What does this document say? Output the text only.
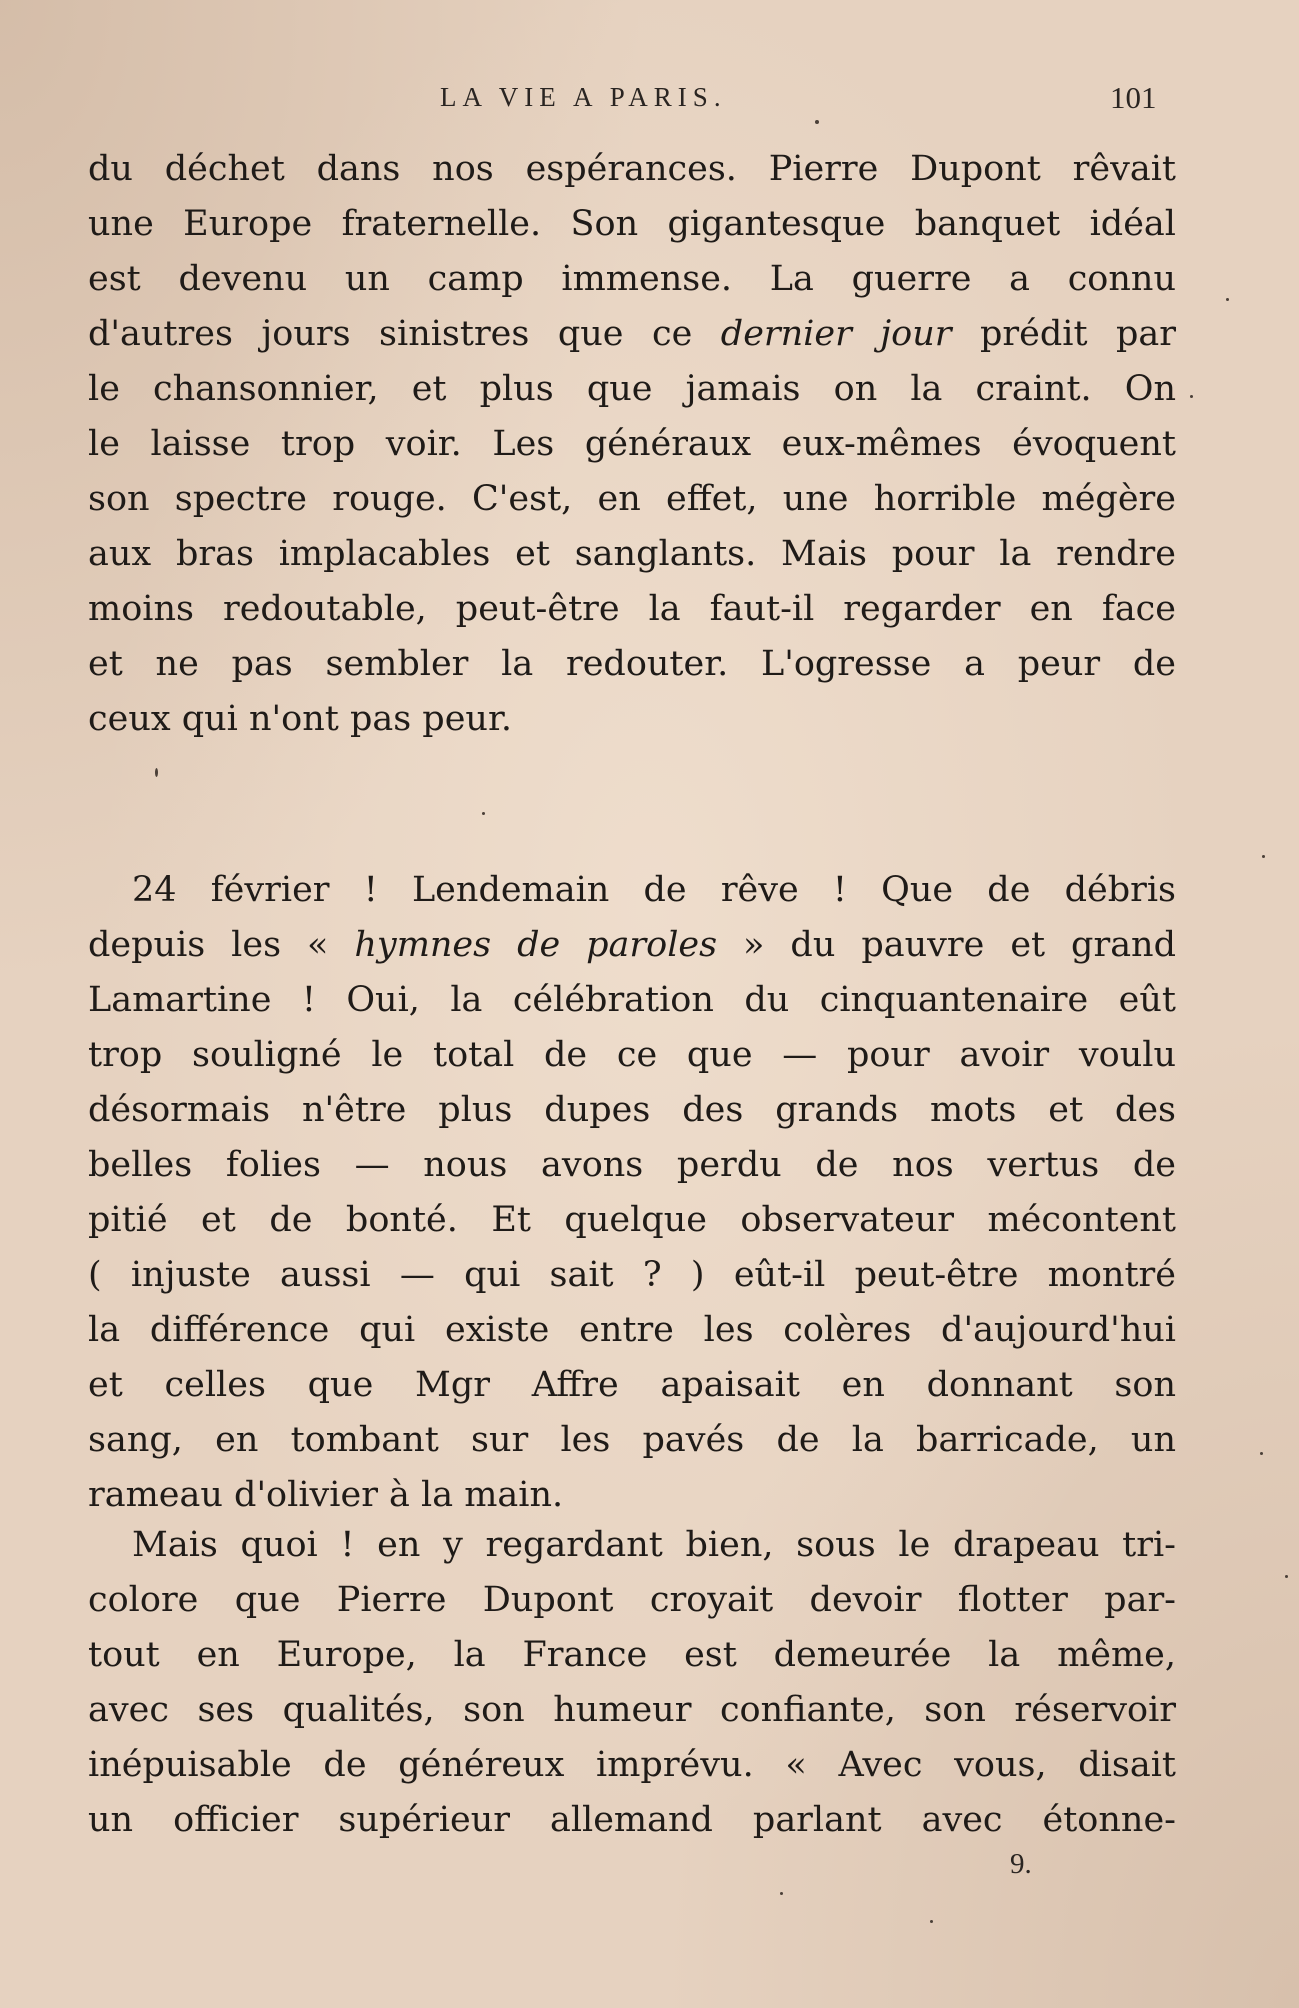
LA VIE A PARIS.	101
du déchet dans nos espérances. Pierre Dupont rêvait
une Europe fraternelle. Son gigantesque banquet idéal
est devenu un camp immense. La guerre a connu
d'autres jours sinistres que ce dernier jour prédit par
le chansonnier, et plus que jamais on la craint. On
le laisse trop voir. Les généraux eux-mêmes évoquent
son spectre rouge. C'est, en effet, une horrible mégère
aux bras implacables et sanglants. Mais pour la rendre
moins redoutable, peut-être la faut-il regarder en face
et ne pas sembler la redouter. L'ogresse a peur de
ceux qui n'ont pas peur.
24 février ! Lendemain de rêve ! Que de débris
depuis les « hymnes de paroles » du pauvre et grand
Lamartine ! Oui, la célébration du cinquantenaire eût
trop souligné le total de ce que — pour avoir voulu
désormais n'être plus dupes des grands mots et des
belles folies — nous avons perdu de nos vertus de
pitié et de bonté. Et quelque observateur mécontent
( injuste aussi — qui sait ? ) eût-il peut-être montré
la différence qui existe entre les colères d'aujourd'hui
et celles que Mgr Affre apaisait en donnant son
sang, en tombant sur les pavés de la barricade, un
rameau d'olivier à la main.
Mais quoi ! en y regardant bien, sous le drapeau tri-
colore que Pierre Dupont croyait devoir flotter par-
tout en Europe, la France est demeurée la même,
avec ses qualités, son humeur confiante, son réservoir
inépuisable de généreux imprévu. « Avec vous, disait
un officier supérieur allemand parlant avec étonne-
9.
